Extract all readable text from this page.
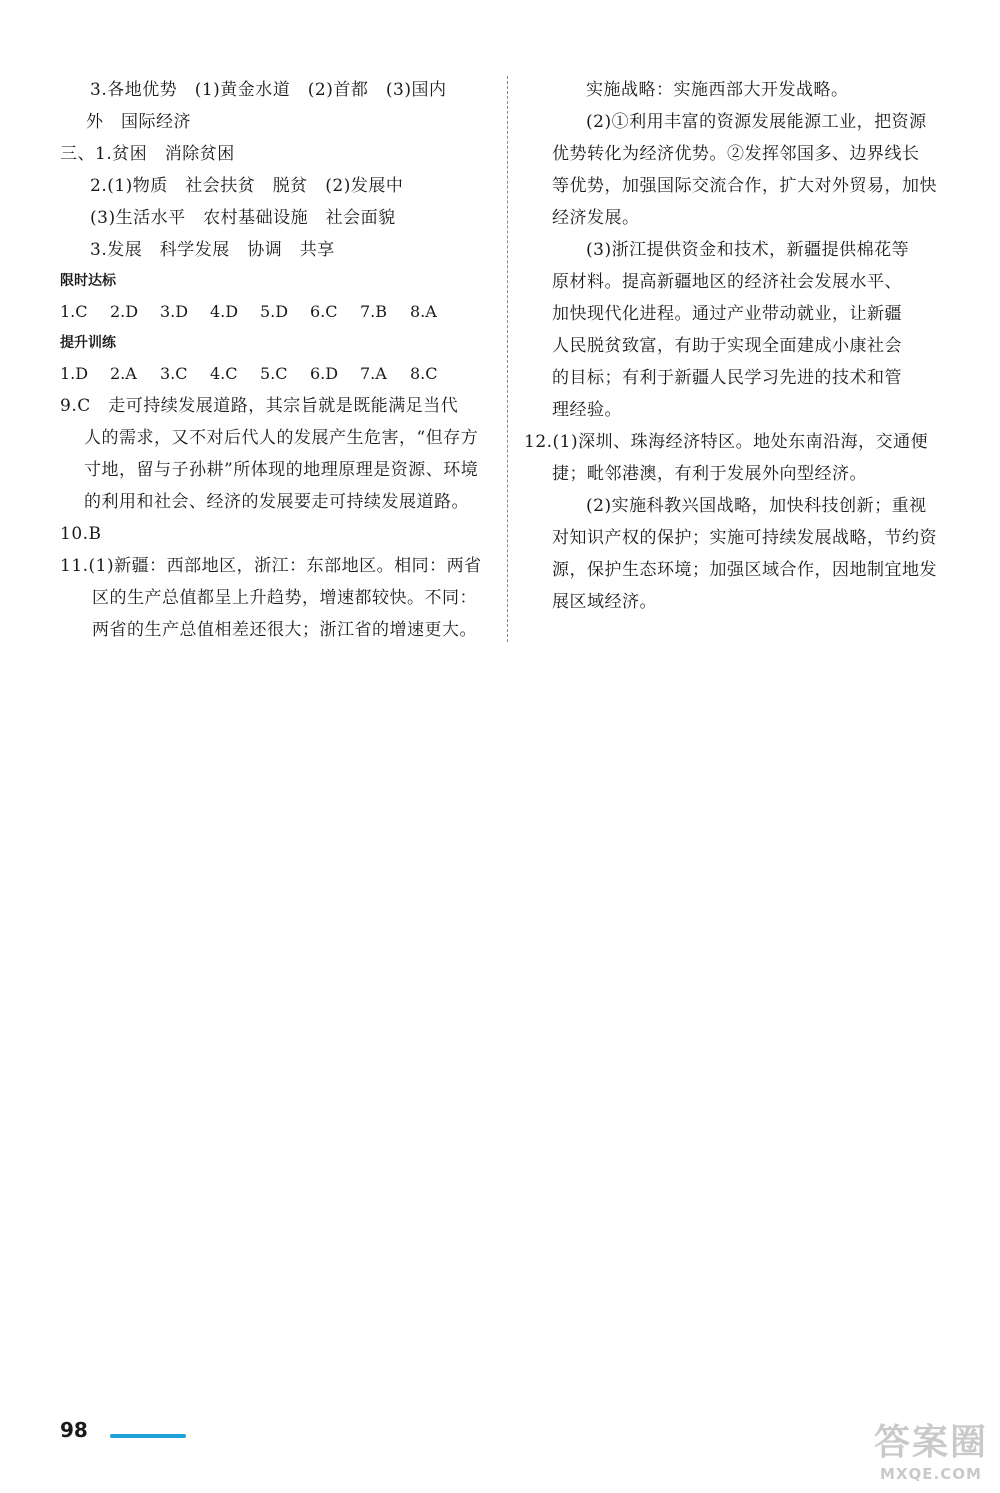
3.各地优势　(1)黄金水道　(2)首都　(3)国内
外　国际经济
三、1.贫困　消除贫困
2.(1)物质　社会扶贫　脱贫　(2)发展中
(3)生活水平　农村基础设施　社会面貌
3.发展　科学发展　协调　共享
限时达标
1.C 2.D 3.D 4.D 5.D 6.C 7.B 8.A
提升训练
1.D 2.A 3.C 4.C 5.C 6.D 7.A 8.C
9.C　走可持续发展道路，其宗旨就是既能满足当代
人的需求，又不对后代人的发展产生危害，“但存方
寸地，留与子孙耕”所体现的地理原理是资源、环境
的利用和社会、经济的发展要走可持续发展道路。
10.B
11.(1)新疆：西部地区，浙江：东部地区。相同：两省
区的生产总值都呈上升趋势，增速都较快。不同：
两省的生产总值相差还很大；浙江省的增速更大。
实施战略：实施西部大开发战略。
(2)①利用丰富的资源发展能源工业，把资源
优势转化为经济优势。②发挥邻国多、边界线长
等优势，加强国际交流合作，扩大对外贸易，加快
经济发展。
(3)浙江提供资金和技术，新疆提供棉花等
原材料。提高新疆地区的经济社会发展水平、
加快现代化进程。通过产业带动就业，让新疆
人民脱贫致富，有助于实现全面建成小康社会
的目标；有利于新疆人民学习先进的技术和管
理经验。
12.(1)深圳、珠海经济特区。地处东南沿海，交通便
捷；毗邻港澳，有利于发展外向型经济。
(2)实施科教兴国战略，加快科技创新；重视
对知识产权的保护；实施可持续发展战略，节约资
源，保护生态环境；加强区域合作，因地制宜地发
展区域经济。
98	答案圈
MXQE.COM
